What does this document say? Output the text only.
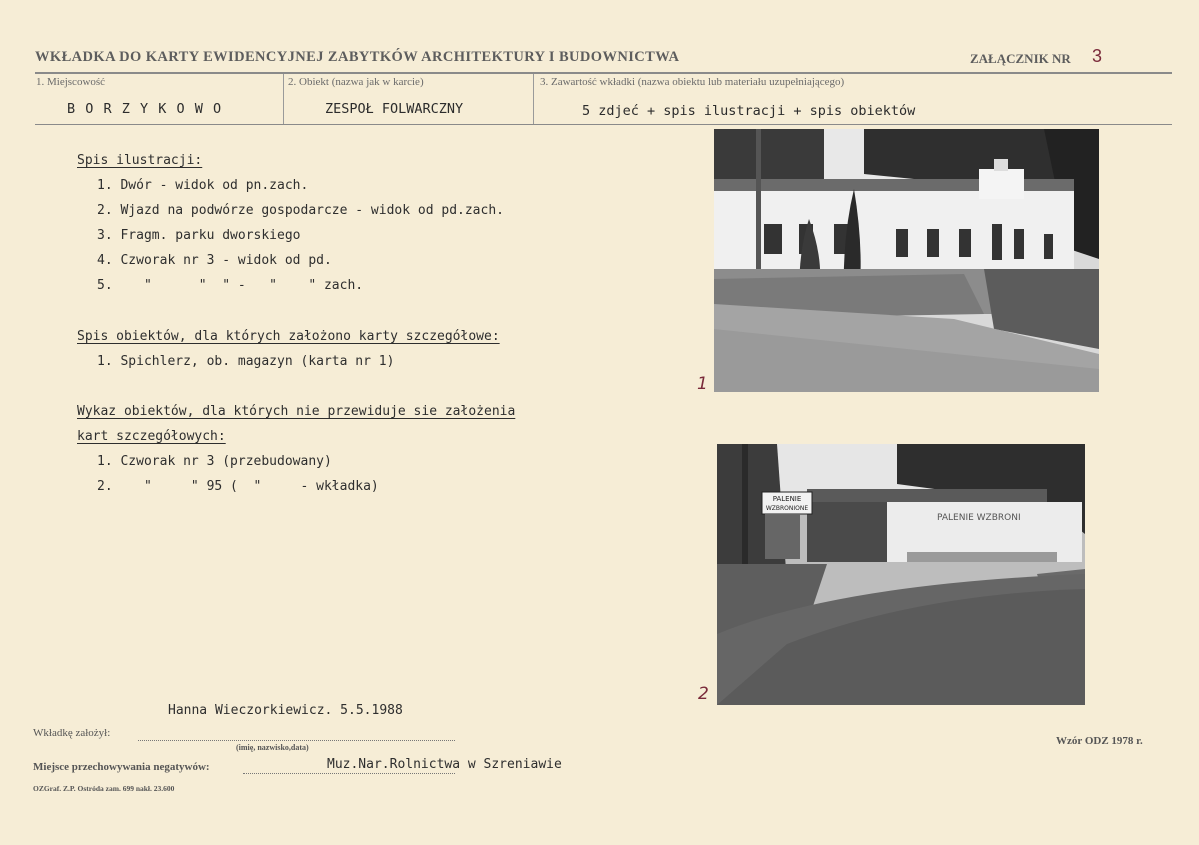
WKŁADKA DO KARTY EWIDENCYJNEJ ZABYTKÓW ARCHITEKTURY I BUDOWNICTWA	ZAŁĄCZNIK NR 3
1. Miejscowość
B O R Z Y K O W O
2. Obiekt (nazwa jak w karcie)
ZESPOŁ FOLWARCZNY
3. Zawartość wkładki (nazwa obiektu lub materiału uzupełniającego)
5 zdjeć + spis ilustracji + spis obiektów
Spis ilustracji:
1. Dwór - widok od pn.zach.
2. Wjazd na podwórze gospodarcze - widok od pd.zach.
3. Fragm. parku dworskiego
4. Czworak nr 3 - widok od pd.
5.    "      "  " -   "    " zach.
Spis obiektów, dla których założono karty szczegółowe:
1. Spichlerz, ob. magazyn (karta nr 1)
Wykaz obiektów, dla których nie przewiduje sie założenia
kart szczegółowych:
1. Czworak nr 3 (przebudowany)
2.    "     " 95 (  "     - wkładka)
1
PALENIE
WZBRONIONE
PALENIE WZBRONI
2
Hanna Wieczorkiewicz. 5.5.1988
Wkładkę założył:
(imię, nazwisko,data)
Wzór ODZ 1978 r.
Miejsce przechowywania negatywów:	Muz.Nar.Rolnictwa w Szreniawie
OZGraf. Z.P. Ostróda zam. 699 nakł. 23.600
